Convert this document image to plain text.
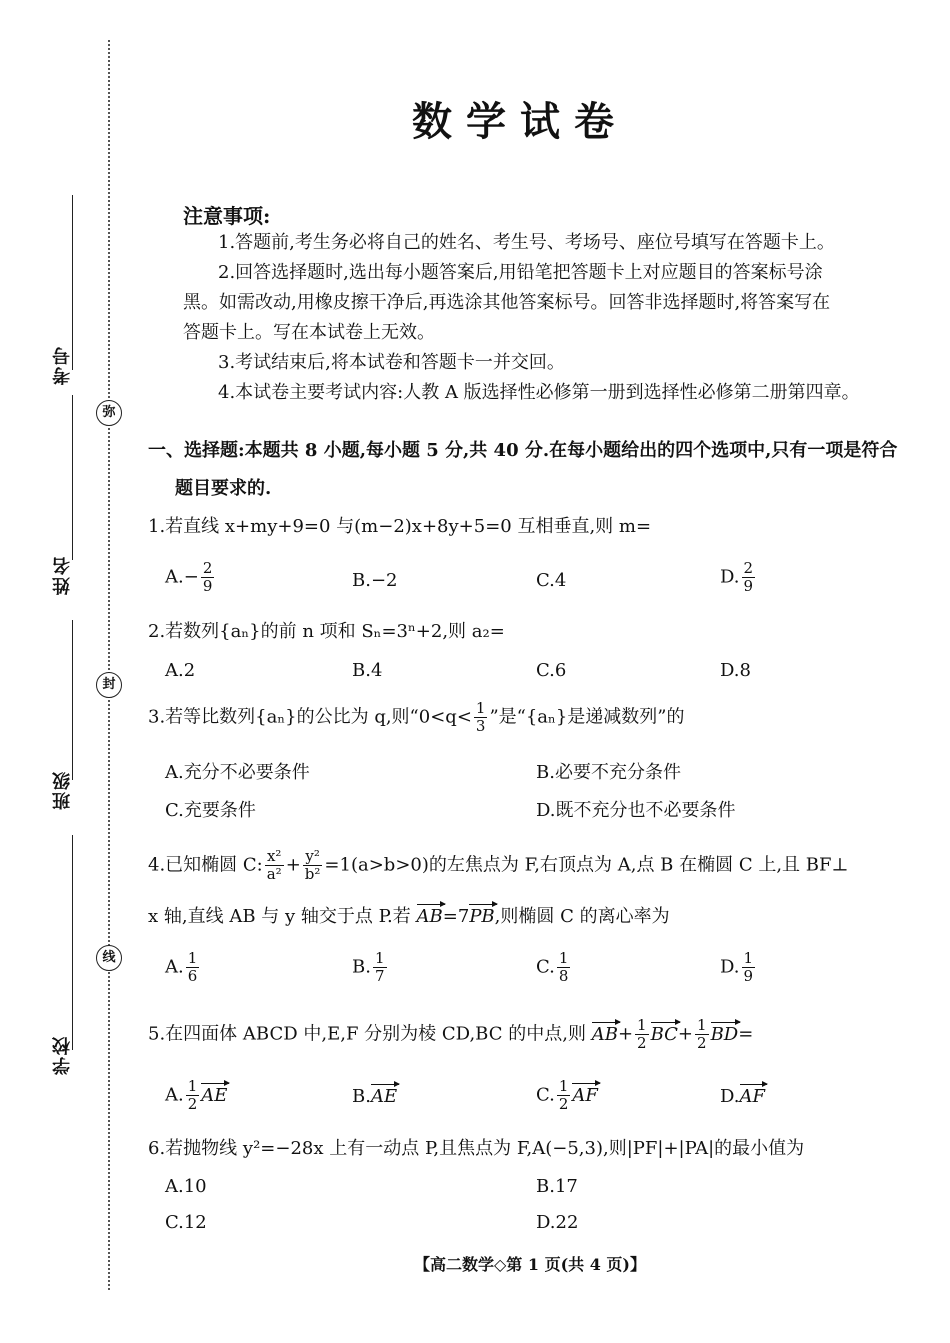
考号
姓名
班级
学校
弥
封
线
数学试卷
注意事项:
1.答题前,考生务必将自己的姓名、考生号、考场号、座位号填写在答题卡上。
2.回答选择题时,选出每小题答案后,用铅笔把答题卡上对应题目的答案标号涂
黑。如需改动,用橡皮擦干净后,再选涂其他答案标号。回答非选择题时,将答案写在
答题卡上。写在本试卷上无效。
3.考试结束后,将本试卷和答题卡一并交回。
4.本试卷主要考试内容:人教 A 版选择性必修第一册到选择性必修第二册第四章。
一、选择题:本题共 8 小题,每小题 5 分,共 40 分.在每小题给出的四个选项中,只有一项是符合
题目要求的.
1.若直线 x+my+9=0 与(m−2)x+8y+5=0 互相垂直,则 m=
$A.- \frac{2}{9}$	B.−2	C.4	D. $\frac{2}{9}$
2.若数列{aₙ}的前 n 项和 Sₙ=3ⁿ+2,则 a₂=
A.2	B.4	C.6	D.8
3.若等比数列{aₙ}的公比为 q,则“$0<q< \frac{1}{3}$ ”是“{aₙ}是递减数列”的
A.充分不必要条件	B.必要不充分条件
C.充要条件	D.既不充分也不必要条件
4.已知椭圆 C: $\frac{\text{x²}}{\text{a²}} + \frac{\text{y²}}{\text{b²}} =1(a>b>0)$的左焦点为 F,右顶点为 A,点 B 在椭圆 C 上,且 BF⊥
x 轴,直线 AB 与 y 轴交于点 P.若 AB=7PB,则椭圆 C 的离心率为
A. $\frac{1}{6}$	B. $\frac{1}{7}$	C. $\frac{1}{8}$	D. $\frac{1}{9}$
5.在四面体 ABCD 中,E,F 分别为棱 CD,BC 的中点,则 $AB+ \frac{1}{2} BC+ \frac{1}{2} BD=$
A. $\frac{1}{2}$ AE	B.AE	C. $\frac{1}{2}$ AF	D.AF
6.若抛物线 y²=−28x 上有一动点 P,且焦点为 F,A(−5,3),则|PF|+|PA|的最小值为
A.10	B.17
C.12	D.22
【高二数学◇第 1 页(共 4 页)】
